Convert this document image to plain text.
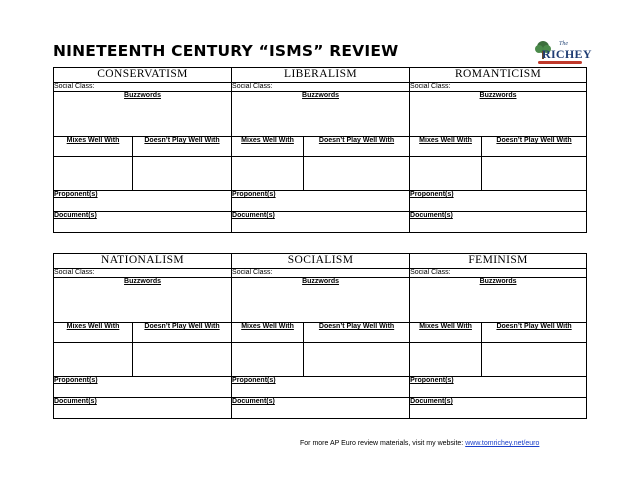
NINETEENTH CENTURY “ISMS” REVIEW	The
RICHEY
CONSERVATISM		LIBERALISM		ROMANTICISM	
Social Class:		Social Class:		Social Class:	

Buzzwords		Buzzwords		Buzzwords	

Mixes Well With	Doesn’t Play Well With	Mixes Well With	Doesn’t Play Well With	Mixes Well With	Doesn’t Play Well With

Proponent(s)		Proponent(s)		Proponent(s)	
Document(s)		Document(s)		Document(s)	
NATIONALISM		SOCIALISM		FEMINISM	
Social Class:		Social Class:		Social Class:	

Buzzwords		Buzzwords		Buzzwords	

Mixes Well With	Doesn’t Play Well With	Mixes Well With	Doesn’t Play Well With	Mixes Well With	Doesn’t Play Well With

Proponent(s)		Proponent(s)		Proponent(s)	
Document(s)		Document(s)		Document(s)	
For more AP Euro review materials, visit my website: www.tomrichey.net/euro
